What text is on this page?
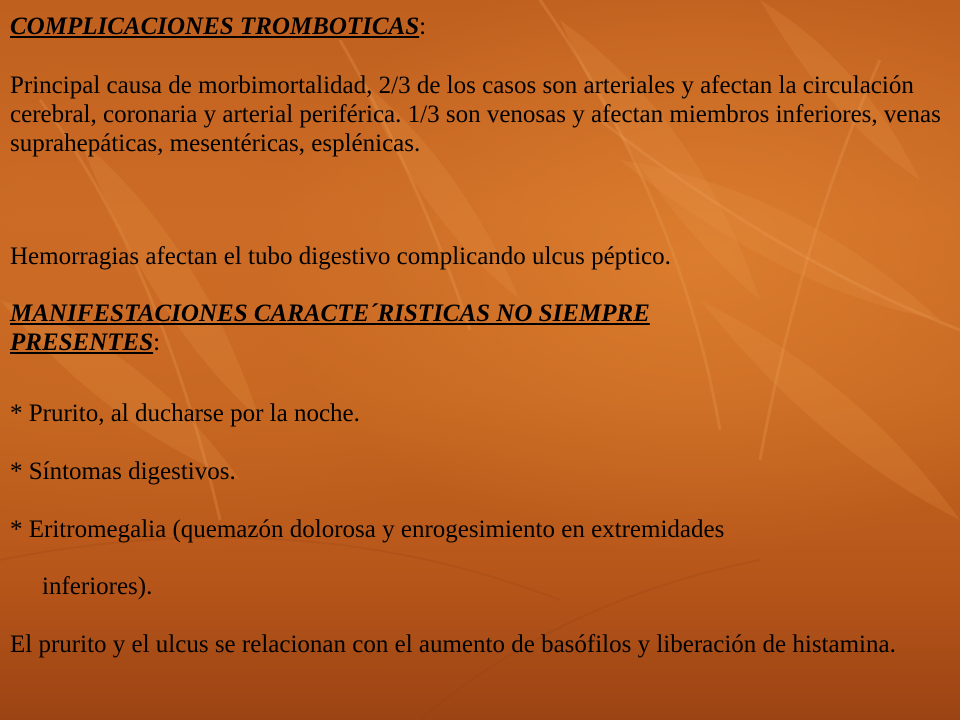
COMPLICACIONES TROMBOTICAS:

Principal causa de morbimortalidad, 2/3 de los casos son arteriales y afectan la circulación cerebral, coronaria y arterial periférica. 1/3 son venosas y afectan miembros inferiores, venas suprahepáticas, mesentéricas, esplénicas.

Hemorragias afectan el tubo digestivo complicando ulcus péptico.

MANIFESTACIONES CARACTE´RISTICAS NO SIEMPRE
PRESENTES:

* Prurito, al ducharse por la noche.

* Síntomas digestivos.

* Eritromegalia (quemazón dolorosa y enrogesimiento en extremidades

inferiores).

El prurito y el ulcus se relacionan con el aumento de basófilos y liberación de histamina.
